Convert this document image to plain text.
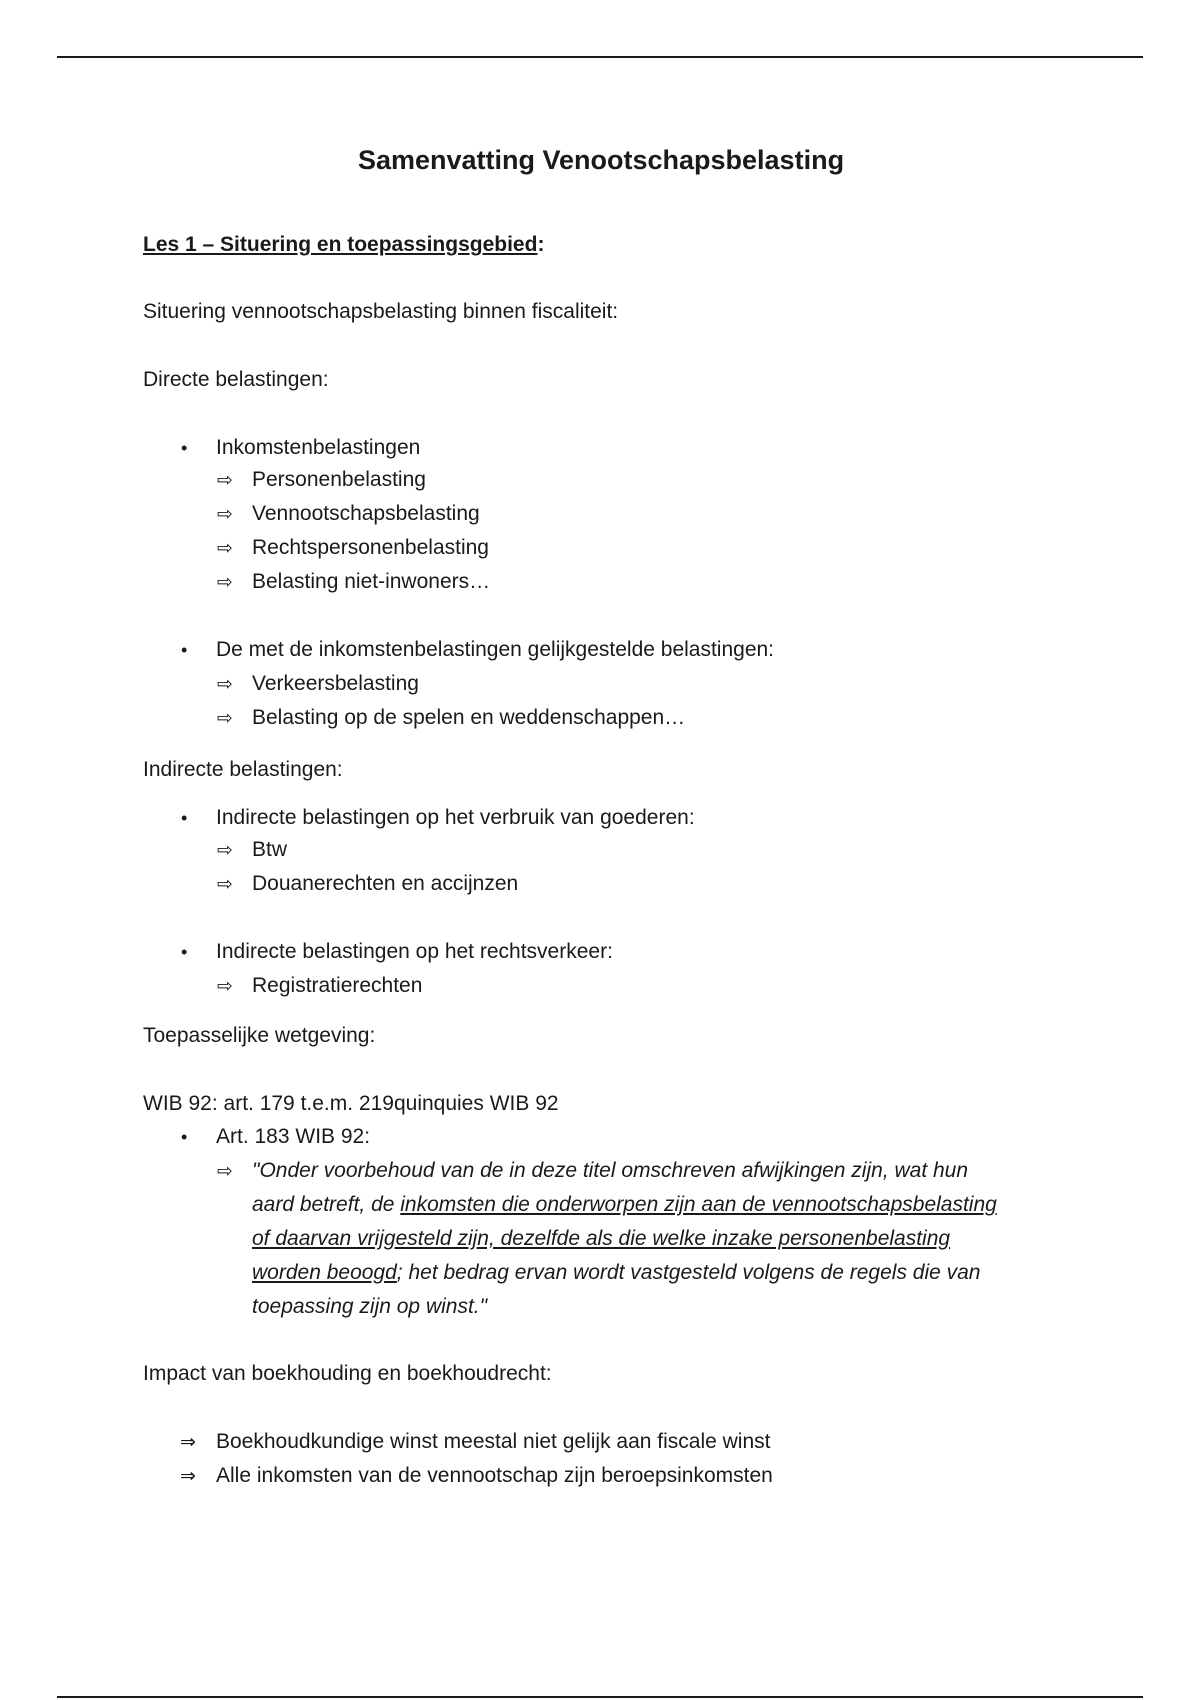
Samenvatting Venootschapsbelasting
Les 1 – Situering en toepassingsgebied:
Situering vennootschapsbelasting binnen fiscaliteit:
Directe belastingen:
• Inkomstenbelastingen
⇨ Personenbelasting
⇨ Vennootschapsbelasting
⇨ Rechtspersonenbelasting
⇨ Belasting niet-inwoners…
• De met de inkomstenbelastingen gelijkgestelde belastingen:
⇨ Verkeersbelasting
⇨ Belasting op de spelen en weddenschappen…
Indirecte belastingen:
• Indirecte belastingen op het verbruik van goederen:
⇨ Btw
⇨ Douanerechten en accijnzen
• Indirecte belastingen op het rechtsverkeer:
⇨ Registratierechten
Toepasselijke wetgeving:
WIB 92: art. 179 t.e.m. 219quinquies WIB 92
• Art. 183 WIB 92:
⇨ "Onder voorbehoud van de in deze titel omschreven afwijkingen zijn, wat hun
aard betreft, de inkomsten die onderworpen zijn aan de vennootschapsbelasting
of daarvan vrijgesteld zijn, dezelfde als die welke inzake personenbelasting
worden beoogd; het bedrag ervan wordt vastgesteld volgens de regels die van
toepassing zijn op winst."
Impact van boekhouding en boekhoudrecht:
⇒ Boekhoudkundige winst meestal niet gelijk aan fiscale winst
⇒ Alle inkomsten van de vennootschap zijn beroepsinkomsten
